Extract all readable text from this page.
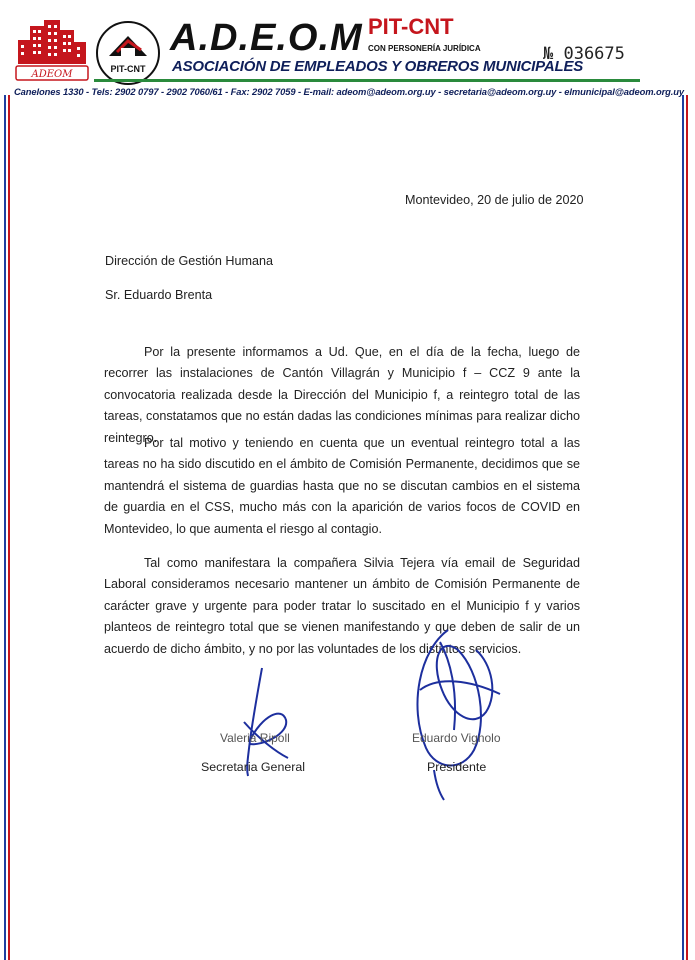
ADEOM	PIT-CNT
A.D.E.O.M PIT-CNT
CON PERSONERÍA JURÍDICA
ASOCIACIÓN DE EMPLEADOS Y OBREROS MUNICIPALES
№ 036675
Canelones 1330 - Tels: 2902 0797 - 2902 7060/61 - Fax: 2902 7059 - E-mail: adeom@adeom.org.uy - secretaria@adeom.org.uy - elmunicipal@adeom.org.uy
Montevideo, 20 de julio de 2020
Dirección de Gestión Humana
Sr. Eduardo Brenta

Por la presente informamos a Ud. Que, en el día de la fecha, luego de recorrer las instalaciones de Cantón Villagrán y Municipio f – CCZ 9 ante la convocatoria realizada desde la Dirección del Municipio f, a reintegro total de las tareas, constatamos que no están dadas las condiciones mínimas para realizar dicho reintegro.

Por tal motivo y teniendo en cuenta que un eventual reintegro total a las tareas no ha sido discutido en el ámbito de Comisión Permanente, decidimos que se mantendrá el sistema de guardias hasta que no se discutan cambios en el sistema de guardia en el CSS, mucho más con la aparición de varios focos de COVID en Montevideo, lo que aumenta el riesgo al contagio.

Tal como manifestara la compañera Silvia Tejera vía email de Seguridad Laboral consideramos necesario mantener un ámbito de Comisión Permanente de carácter grave y urgente para poder tratar lo suscitado en el Municipio f y varios planteos de reintegro total que se vienen manifestando y que deben de salir de un acuerdo de dicho ámbito, y no por las voluntades de los distintos servicios.

Valeria Ripoll
Secretaria General
Eduardo Vignolo
Presidente
